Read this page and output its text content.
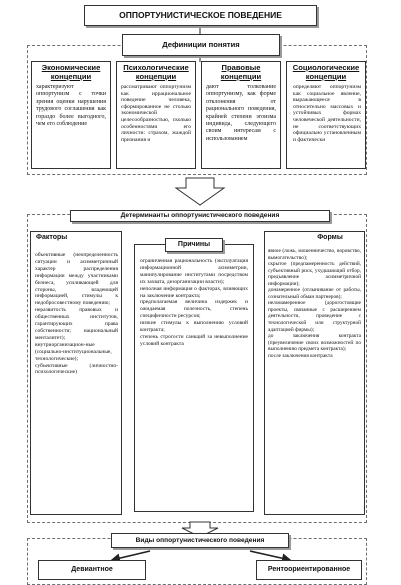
ОППОРТУНИСТИЧЕСКОЕ ПОВЕДЕНИЕ
Дефиниции понятия
Экономические концепции
характеризуют оппортунизм с точки зрения оценки нарушения трудового соглашения как гораздо более выгодного, чем его соблюдение
Психологические концепции
рассматривают оппортунизм как иррациональное поведение человека, сформированное не столько экономической целесообразностью, сколько особенностями его личности: страхом, жаждой признания и
Правовые концепции
дают толкование оппортунизму, как форме отклонения от рационального поведения, крайней степени эгоизма индивида, следующего своим интересам с использованием
Социологические концепции
определяют оппортунизм как социальное явление, выражающееся в относительно массовых и устойчивых формах человеческой деятельности, не соответствующих официально установленным и фактически
Детерминанты оппортунистического поведения
Факторы
объективные (неопределенность ситуации и асимметричный характер распределения информации между участниками бизнеса, усиливающей для стороны, владеющей информацией, стимулы к недобросовестному поведению;
неразвитость правовых и общественных институтов, гарантирующих права собственности; национальный менталитет);
внутриорганизацион-ные (социально-институциональные, технологические);
субъективные (личностно-психологические)
Причины
ограниченная рациональность (эксплуатация информационной асимметрии, манипулирование институтами посредством их захвата, дезорганизации власти);
неполная информация о факторах, влияющих на заключение контракта;
предполагаемая величина издержек и ожидаемая полезность, степень специфичности ресурсов;
низкие стимулы к выполнению условий контракта;
степень строгости санкций за невыполнение условий контракта
Формы
явное (ложь, мошенничество, воровство, вымогательство);
скрытое (предпамеренность действий, субъективный риск, ухудшающий отбор, предъявление асимметричной информации);
донамеренное (отлынивание от работы, сознательный обман партнеров);
неломамеренное (дорогостоящие проекты, связанные с расширением деятельности, проведение с технологической или структурной адаптацией фирмы);
до заключения контракта (преувеличение своих возможностей по выполнению предмета контракта);
после заключения контракта
Виды оппортунистического поведения
Девиантное	Рентоориентированное
